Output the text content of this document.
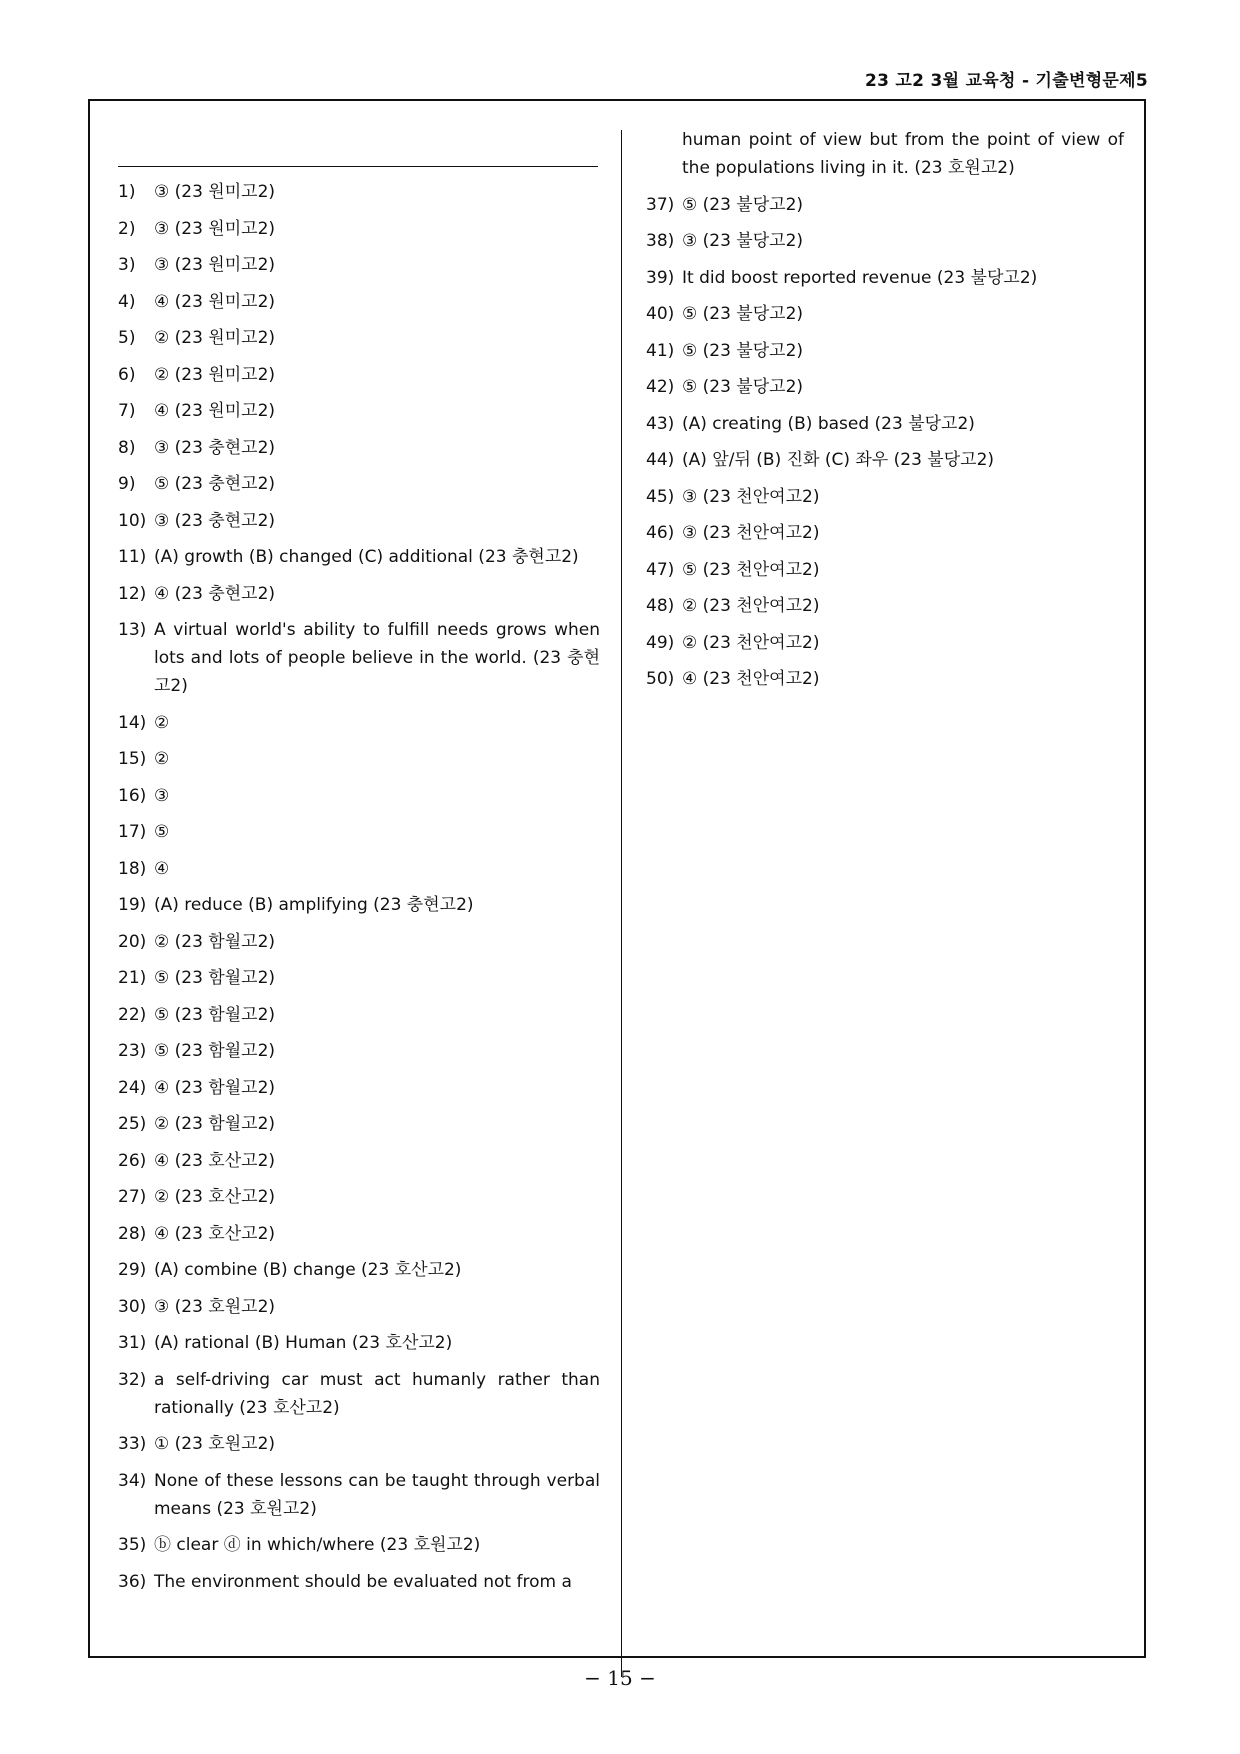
23 고2 3월 교육청 - 기출변형문제5
1) ③ (23 원미고2)
2) ③ (23 원미고2)
3) ③ (23 원미고2)
4) ④ (23 원미고2)
5) ② (23 원미고2)
6) ② (23 원미고2)
7) ④ (23 원미고2)
8) ③ (23 충현고2)
9) ⑤ (23 충현고2)
10) ③ (23 충현고2)
11) (A) growth (B) changed (C) additional (23 충현고2)
12) ④ (23 충현고2)
13) A virtual world's ability to fulfill needs grows when lots and lots of people believe in the world. (23 충현고2)
14) ②
15) ②
16) ③
17) ⑤
18) ④
19) (A) reduce (B) amplifying (23 충현고2)
20) ② (23 함월고2)
21) ⑤ (23 함월고2)
22) ⑤ (23 함월고2)
23) ⑤ (23 함월고2)
24) ④ (23 함월고2)
25) ② (23 함월고2)
26) ④ (23 호산고2)
27) ② (23 호산고2)
28) ④ (23 호산고2)
29) (A) combine (B) change (23 호산고2)
30) ③ (23 호원고2)
31) (A) rational (B) Human (23 호산고2)
32) a self-driving car must act humanly rather than rationally (23 호산고2)
33) ① (23 호원고2)
34) None of these lessons can be taught through verbal means (23 호원고2)
35) ⓑ clear ⓓ in which/where (23 호원고2)
36) The environment should be evaluated not from a
human point of view but from the point of view of the populations living in it. (23 호원고2)
37) ⑤ (23 불당고2)
38) ③ (23 불당고2)
39) It did boost reported revenue (23 불당고2)
40) ⑤ (23 불당고2)
41) ⑤ (23 불당고2)
42) ⑤ (23 불당고2)
43) (A) creating (B) based (23 불당고2)
44) (A) 앞/뒤 (B) 진화 (C) 좌우 (23 불당고2)
45) ③ (23 천안여고2)
46) ③ (23 천안여고2)
47) ⑤ (23 천안여고2)
48) ② (23 천안여고2)
49) ② (23 천안여고2)
50) ④ (23 천안여고2)
− 15 −
